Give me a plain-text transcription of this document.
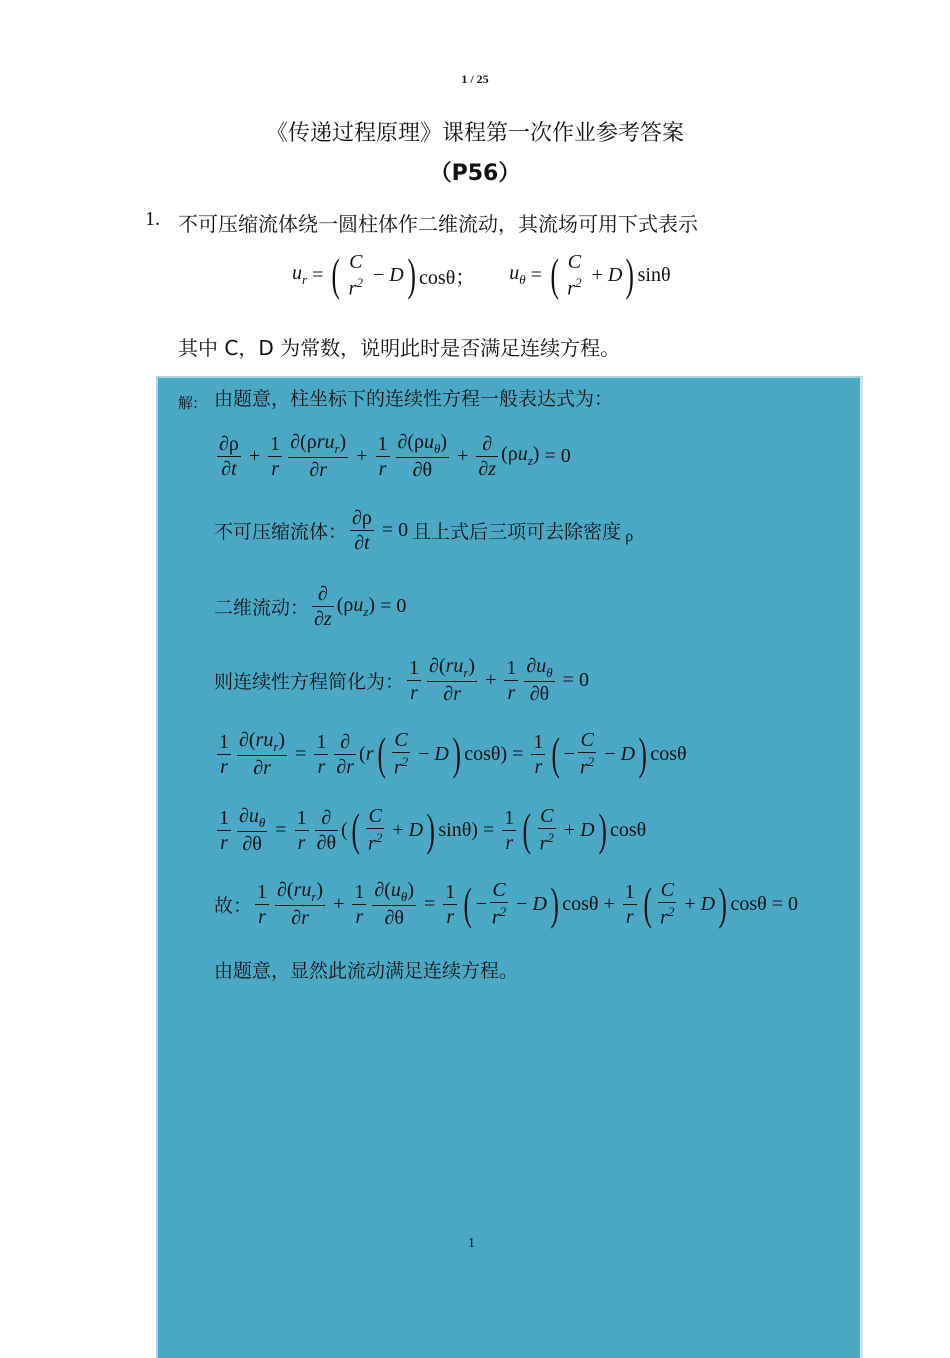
1 / 25
《传递过程原理》课程第一次作业参考答案
（P56）
1. 不可压缩流体绕一圆柱体作二维流动，其流场可用下式表示
$u_r$ = ( C
$r^2 - D$ ) cosθ； $u_\theta$ = ( C
$r^2 + D$ ) sinθ
其中 C，D 为常数，说明此时是否满足连续方程。
解: 由题意，柱坐标下的连续性方程一般表达式为：
$\frac{\partial\rho}{\partial t} + \frac{1}{r} \frac{\partial(\rho ru_r)}{\partial r} + \frac{1}{r} \frac{\partial(\rho u_\theta)}{\partial\theta} + \frac{\partial}{\partial z} (\rho u_z) = 0$
不可压缩流体： $\frac{\partial\rho}{\partial t} = 0$ 且上式后三项可去除密度 ρ
二维流动： $\frac{\partial}{\partial z} (\rho u_z) = 0$
则连续性方程简化为： $\frac{1}{r} \frac{\partial(ru_r)}{\partial r} + \frac{1}{r} \frac{\partial u_\theta}{\partial\theta} = 0$
$\frac{1}{r} \frac{\partial(ru_r)}{\partial r} = \frac{1}{r} \frac{\partial}{\partial r} (r$ ( $\frac{C}{r^2} - D$ ) $\cos\theta) = \frac{1}{r}$ ( − $\frac{C}{r^2} - D$ ) cosθ
$\frac{1}{r} \frac{\partial u_\theta}{\partial\theta} = \frac{1}{r} \frac{\partial}{\partial\theta}$ ( ( $\frac{C}{r^2} + D$ ) $\sin\theta) = \frac{1}{r}$ ( $\frac{C}{r^2} + D$ ) cosθ
故： $\frac{1}{r} \frac{\partial(ru_r)}{\partial r} + \frac{1}{r} \frac{\partial(u_\theta)}{\partial\theta} = \frac{1}{r}$ ( − $\frac{C}{r^2} - D$ ) $\cos\theta + \frac{1}{r}$ ( $\frac{C}{r^2} + D$ ) cosθ = 0
由题意，显然此流动满足连续方程。
1
